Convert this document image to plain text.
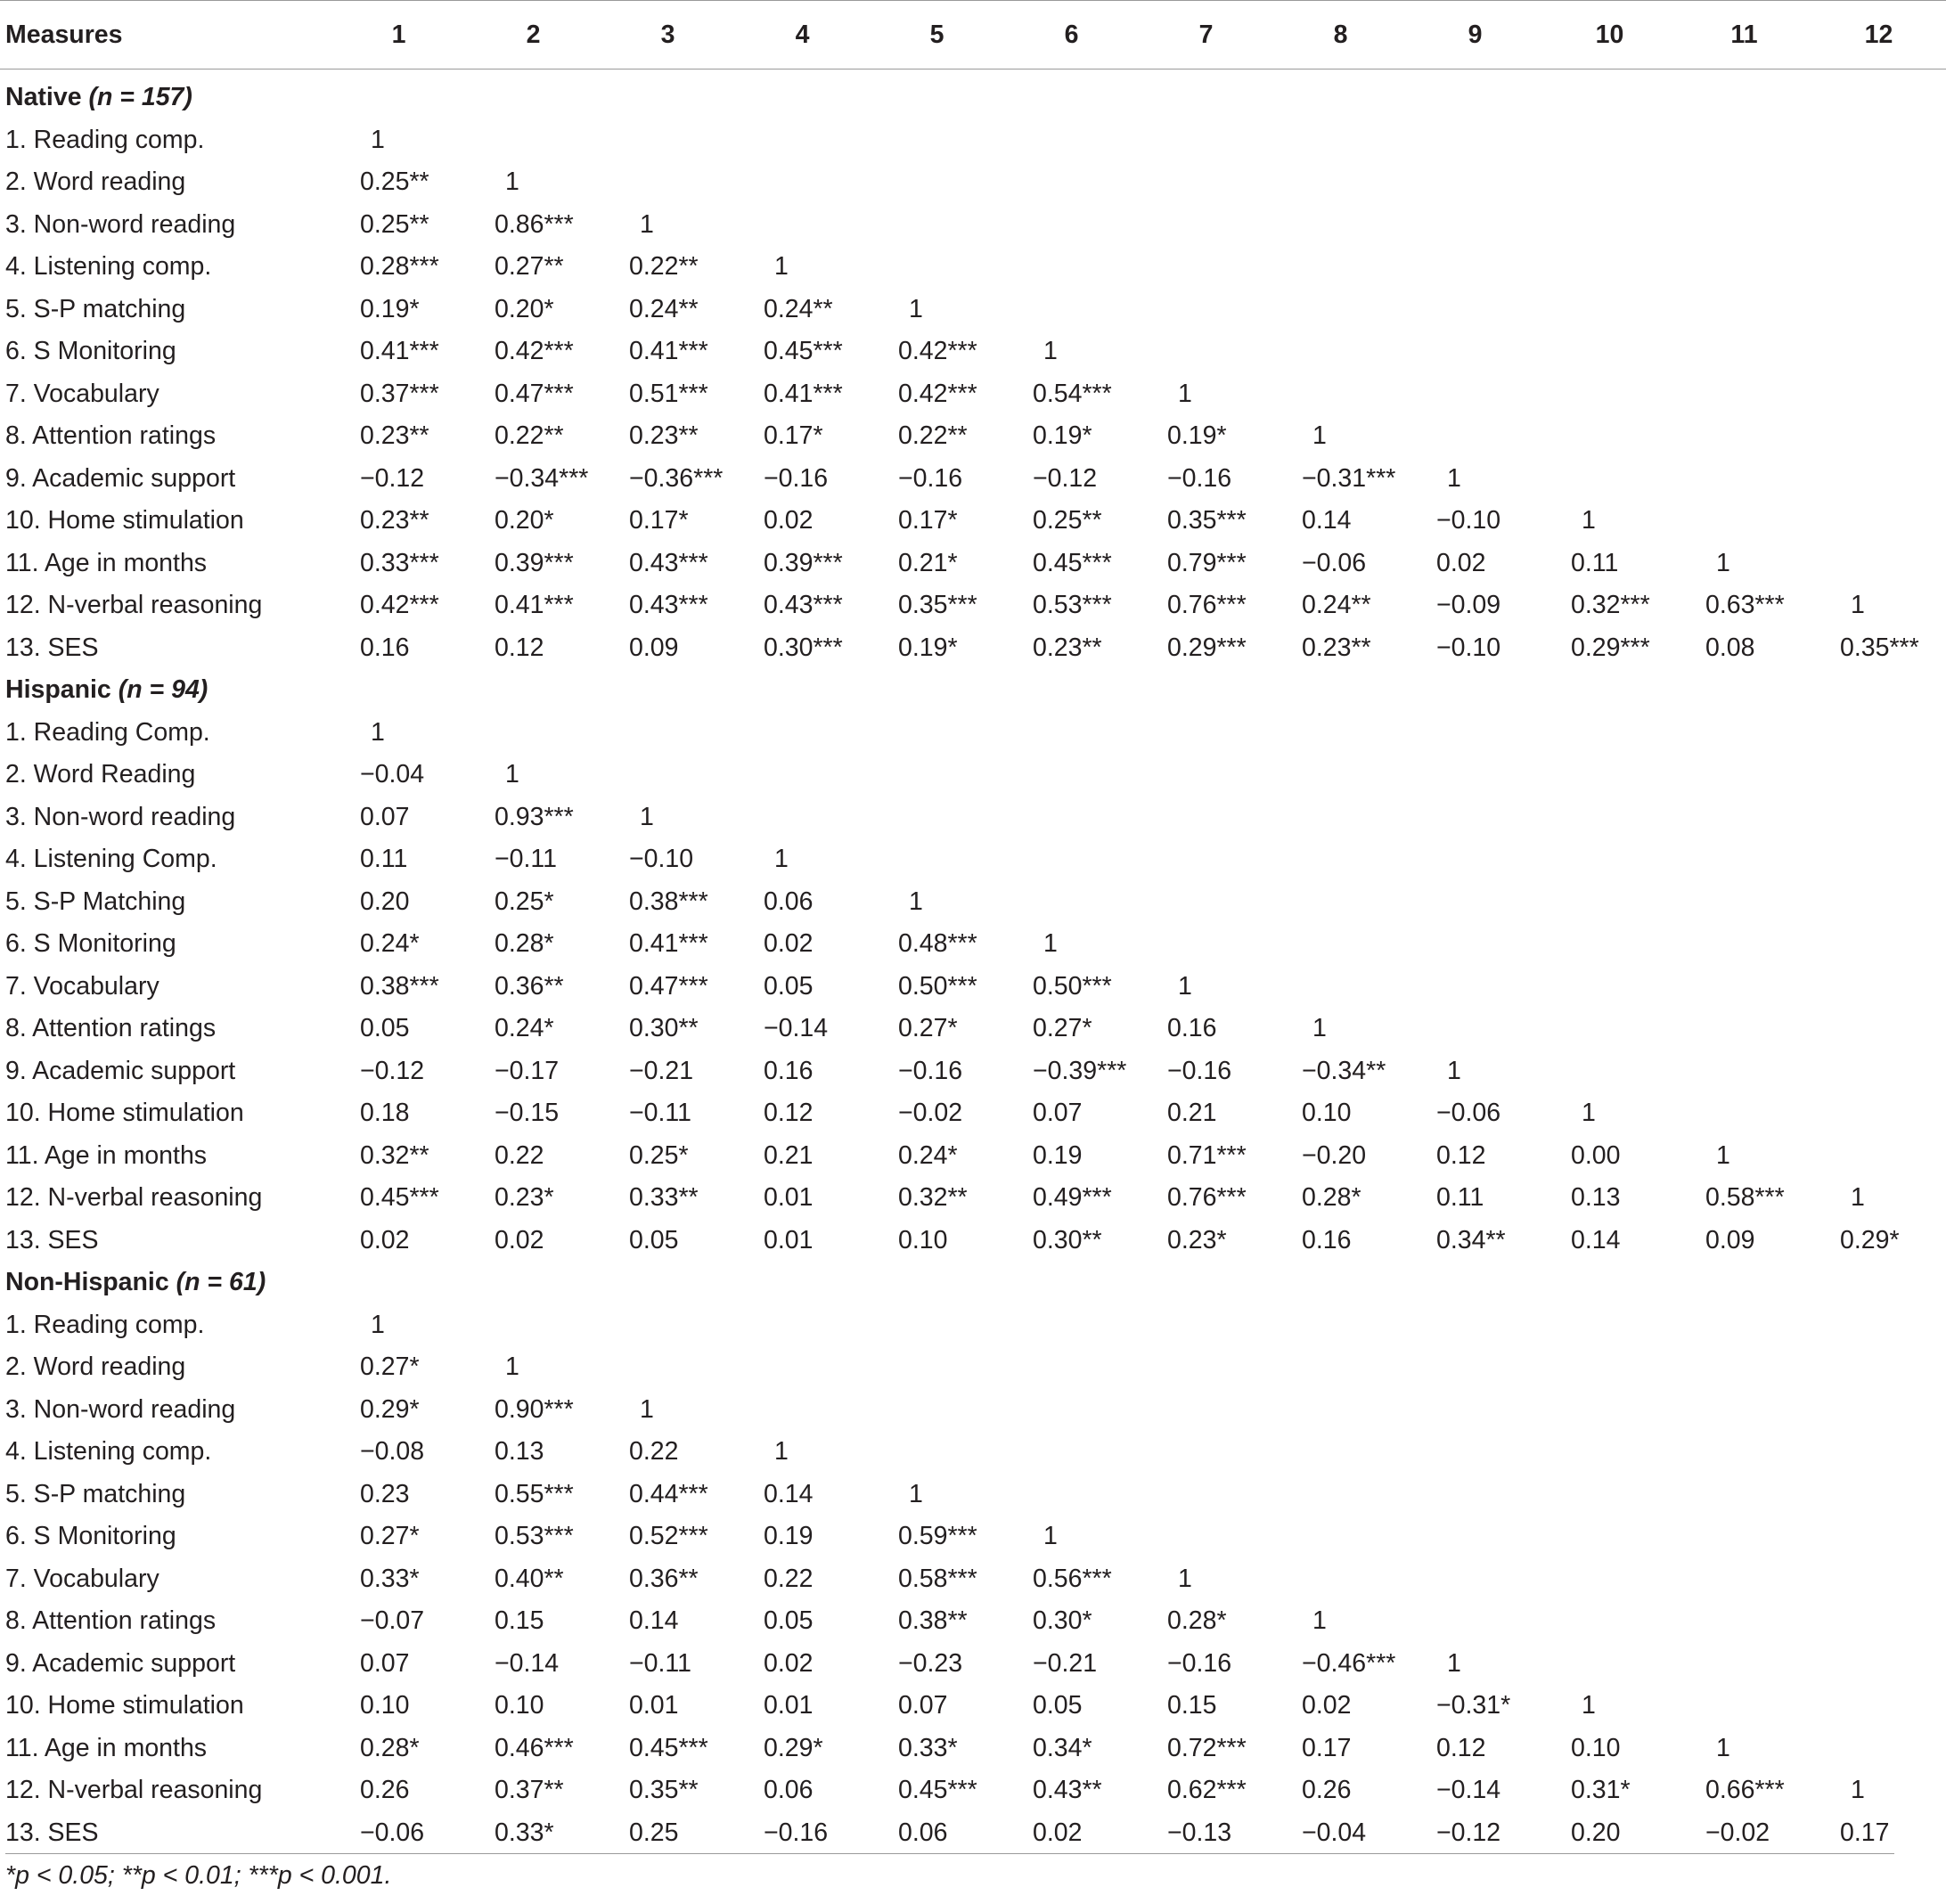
Measures	1	2	3	4	5	6	7	8	9	10	11	12

Native (n = 157)												
1. Reading comp.	1											
2. Word reading	0.25**	1										
3. Non-word reading	0.25**	0.86***	1									
4. Listening comp.	0.28***	0.27**	0.22**	1								
5. S-P matching	0.19*	0.20*	0.24**	0.24**	1							
6. S Monitoring	0.41***	0.42***	0.41***	0.45***	0.42***	1						
7. Vocabulary	0.37***	0.47***	0.51***	0.41***	0.42***	0.54***	1					
8. Attention ratings	0.23**	0.22**	0.23**	0.17*	0.22**	0.19*	0.19*	1				
9. Academic support	−0.12	−0.34***	−0.36***	−0.16	−0.16	−0.12	−0.16	−0.31***	1			
10. Home stimulation	0.23**	0.20*	0.17*	0.02	0.17*	0.25**	0.35***	0.14	−0.10	1		
11. Age in months	0.33***	0.39***	0.43***	0.39***	0.21*	0.45***	0.79***	−0.06	0.02	0.11	1	
12. N-verbal reasoning	0.42***	0.41***	0.43***	0.43***	0.35***	0.53***	0.76***	0.24**	−0.09	0.32***	0.63***	1
13. SES	0.16	0.12	0.09	0.30***	0.19*	0.23**	0.29***	0.23**	−0.10	0.29***	0.08	0.35***
Hispanic (n = 94)												
1. Reading Comp.	1											
2. Word Reading	−0.04	1										
3. Non-word reading	0.07	0.93***	1									
4. Listening Comp.	0.11	−0.11	−0.10	1								
5. S-P Matching	0.20	0.25*	0.38***	0.06	1							
6. S Monitoring	0.24*	0.28*	0.41***	0.02	0.48***	1						
7. Vocabulary	0.38***	0.36**	0.47***	0.05	0.50***	0.50***	1					
8. Attention ratings	0.05	0.24*	0.30**	−0.14	0.27*	0.27*	0.16	1				
9. Academic support	−0.12	−0.17	−0.21	0.16	−0.16	−0.39***	−0.16	−0.34**	1			
10. Home stimulation	0.18	−0.15	−0.11	0.12	−0.02	0.07	0.21	0.10	−0.06	1		
11. Age in months	0.32**	0.22	0.25*	0.21	0.24*	0.19	0.71***	−0.20	0.12	0.00	1	
12. N-verbal reasoning	0.45***	0.23*	0.33**	0.01	0.32**	0.49***	0.76***	0.28*	0.11	0.13	0.58***	1
13. SES	0.02	0.02	0.05	0.01	0.10	0.30**	0.23*	0.16	0.34**	0.14	0.09	0.29*
Non-Hispanic (n = 61)												
1. Reading comp.	1											
2. Word reading	0.27*	1										
3. Non-word reading	0.29*	0.90***	1									
4. Listening comp.	−0.08	0.13	0.22	1								
5. S-P matching	0.23	0.55***	0.44***	0.14	1							
6. S Monitoring	0.27*	0.53***	0.52***	0.19	0.59***	1						
7. Vocabulary	0.33*	0.40**	0.36**	0.22	0.58***	0.56***	1					
8. Attention ratings	−0.07	0.15	0.14	0.05	0.38**	0.30*	0.28*	1				
9. Academic support	0.07	−0.14	−0.11	0.02	−0.23	−0.21	−0.16	−0.46***	1			
10. Home stimulation	0.10	0.10	0.01	0.01	0.07	0.05	0.15	0.02	−0.31*	1		
11. Age in months	0.28*	0.46***	0.45***	0.29*	0.33*	0.34*	0.72***	0.17	0.12	0.10	1	
12. N-verbal reasoning	0.26	0.37**	0.35**	0.06	0.45***	0.43**	0.62***	0.26	−0.14	0.31*	0.66***	1
13. SES	−0.06	0.33*	0.25	−0.16	0.06	0.02	−0.13	−0.04	−0.12	0.20	−0.02	0.17
*p < 0.05; **p < 0.01; ***p < 0.001.
